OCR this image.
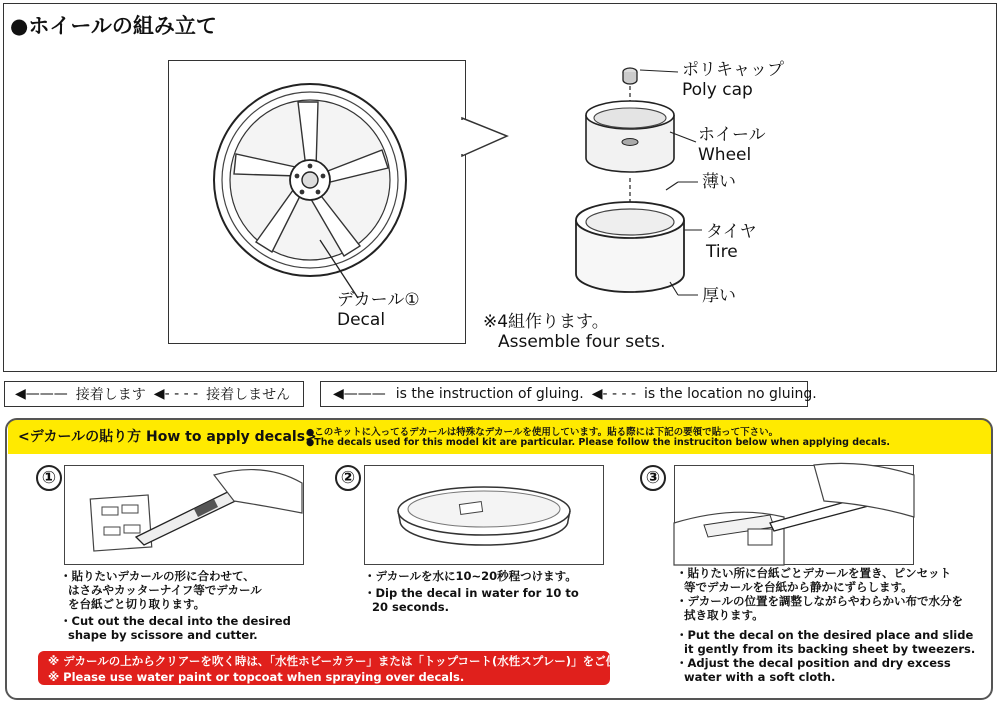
●ホイールの組み立て
デカール①
Decal
ポリキャップ
Poly cap
ホイール
Wheel
薄い
タイヤ
Tire
厚い
※4組作ります。
Assemble four sets.
◀——— 接着します ◀ - - - - 接着しません	◀——— is the instruction of gluing. ◀ - - - - is the location no gluing.
<デカールの貼り方 How to apply decals>
●このキットに入ってるデカールは特殊なデカールを使用しています。貼る際には下記の要領で貼って下さい。
●The decals used for this model kit are particular. Please follow the instruciton below when applying decals.
①
・貼りたいデカールの形に合わせて、
はさみやカッターナイフ等でデカール
を台紙ごと切り取ります。
・Cut out the decal into the desired
shape by scissore and cutter.
②
・デカールを水に10~20秒程つけます。
・Dip the decal in water for 10 to
20 seconds.
③
・貼りたい所に台紙ごとデカールを置き、ピンセット
等でデカールを台紙から静かにずらします。
・デカールの位置を調整しながらやわらかい布で水分を
拭き取ります。
・Put the decal on the desired place and slide
it gently from its backing sheet by tweezers.
・Adjust the decal position and dry excess
water with a soft cloth.
※ デカールの上からクリアーを吹く時は、「水性ホビーカラー」または「トップコート(水性スプレー)」をご使用下さい。
※ Please use water paint or topcoat when spraying over decals.
